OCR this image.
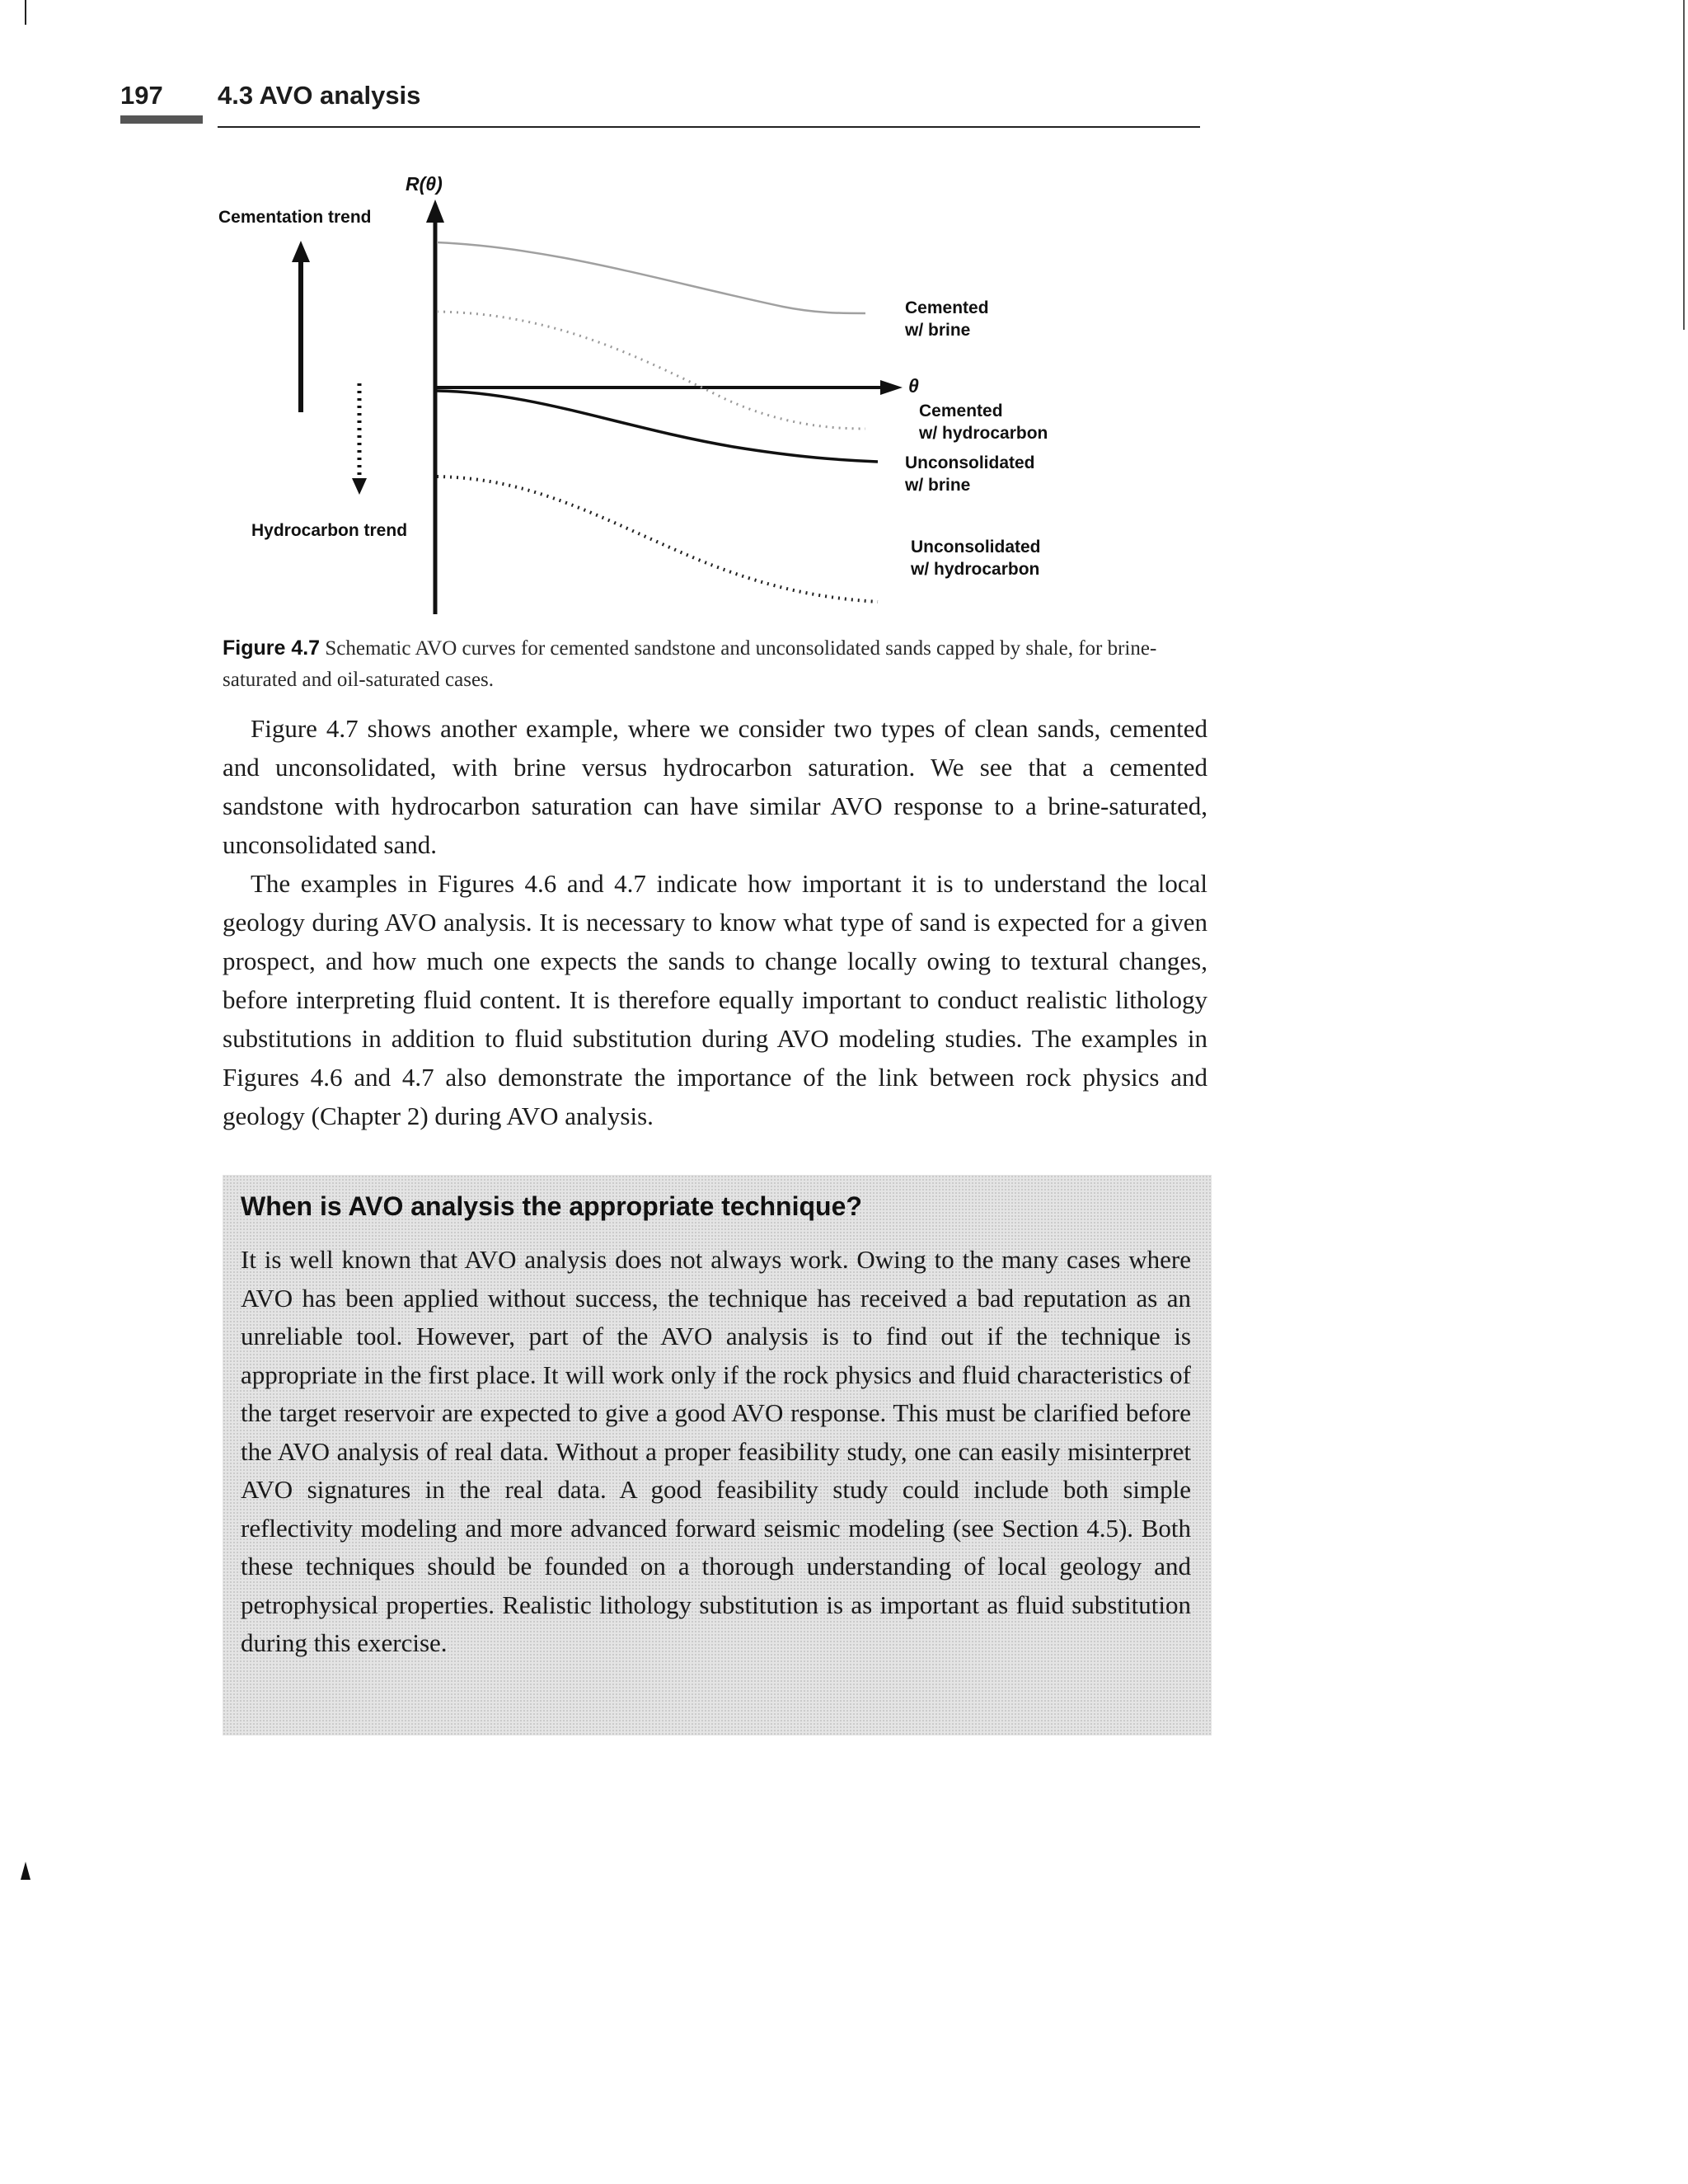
197 4.3 AVO analysis
Cementation trend
Hydrocarbon trend
R(θ)
θ
Cemented
w/ brine
Cemented
w/ hydrocarbon
Unconsolidated
w/ brine
Unconsolidated
w/ hydrocarbon
Figure 4.7 Schematic AVO curves for cemented sandstone and unconsolidated sands capped by shale, for brine-saturated and oil-saturated cases.

Figure 4.7 shows another example, where we consider two types of clean sands, cemented and unconsolidated, with brine versus hydrocarbon saturation. We see that a cemented sandstone with hydrocarbon saturation can have similar AVO response to a brine-saturated, unconsolidated sand.

The examples in Figures 4.6 and 4.7 indicate how important it is to understand the local geology during AVO analysis. It is necessary to know what type of sand is expected for a given prospect, and how much one expects the sands to change locally owing to textural changes, before interpreting fluid content. It is therefore equally important to conduct realistic lithology substitutions in addition to fluid substitution during AVO modeling studies. The examples in Figures 4.6 and 4.7 also demonstrate the importance of the link between rock physics and geology (Chapter 2) during AVO analysis.

When is AVO analysis the appropriate technique?

It is well known that AVO analysis does not always work. Owing to the many cases where AVO has been applied without success, the technique has received a bad reputation as an unreliable tool. However, part of the AVO analysis is to find out if the technique is appropriate in the first place. It will work only if the rock physics and fluid characteristics of the target reservoir are expected to give a good AVO response. This must be clarified before the AVO analysis of real data. Without a proper feasibility study, one can easily misinterpret AVO signatures in the real data. A good feasibility study could include both simple reflectivity modeling and more advanced forward seismic modeling (see Section 4.5). Both these techniques should be founded on a thorough understanding of local geology and petrophysical properties. Realistic lithology substitution is as important as fluid substitution during this exercise.
